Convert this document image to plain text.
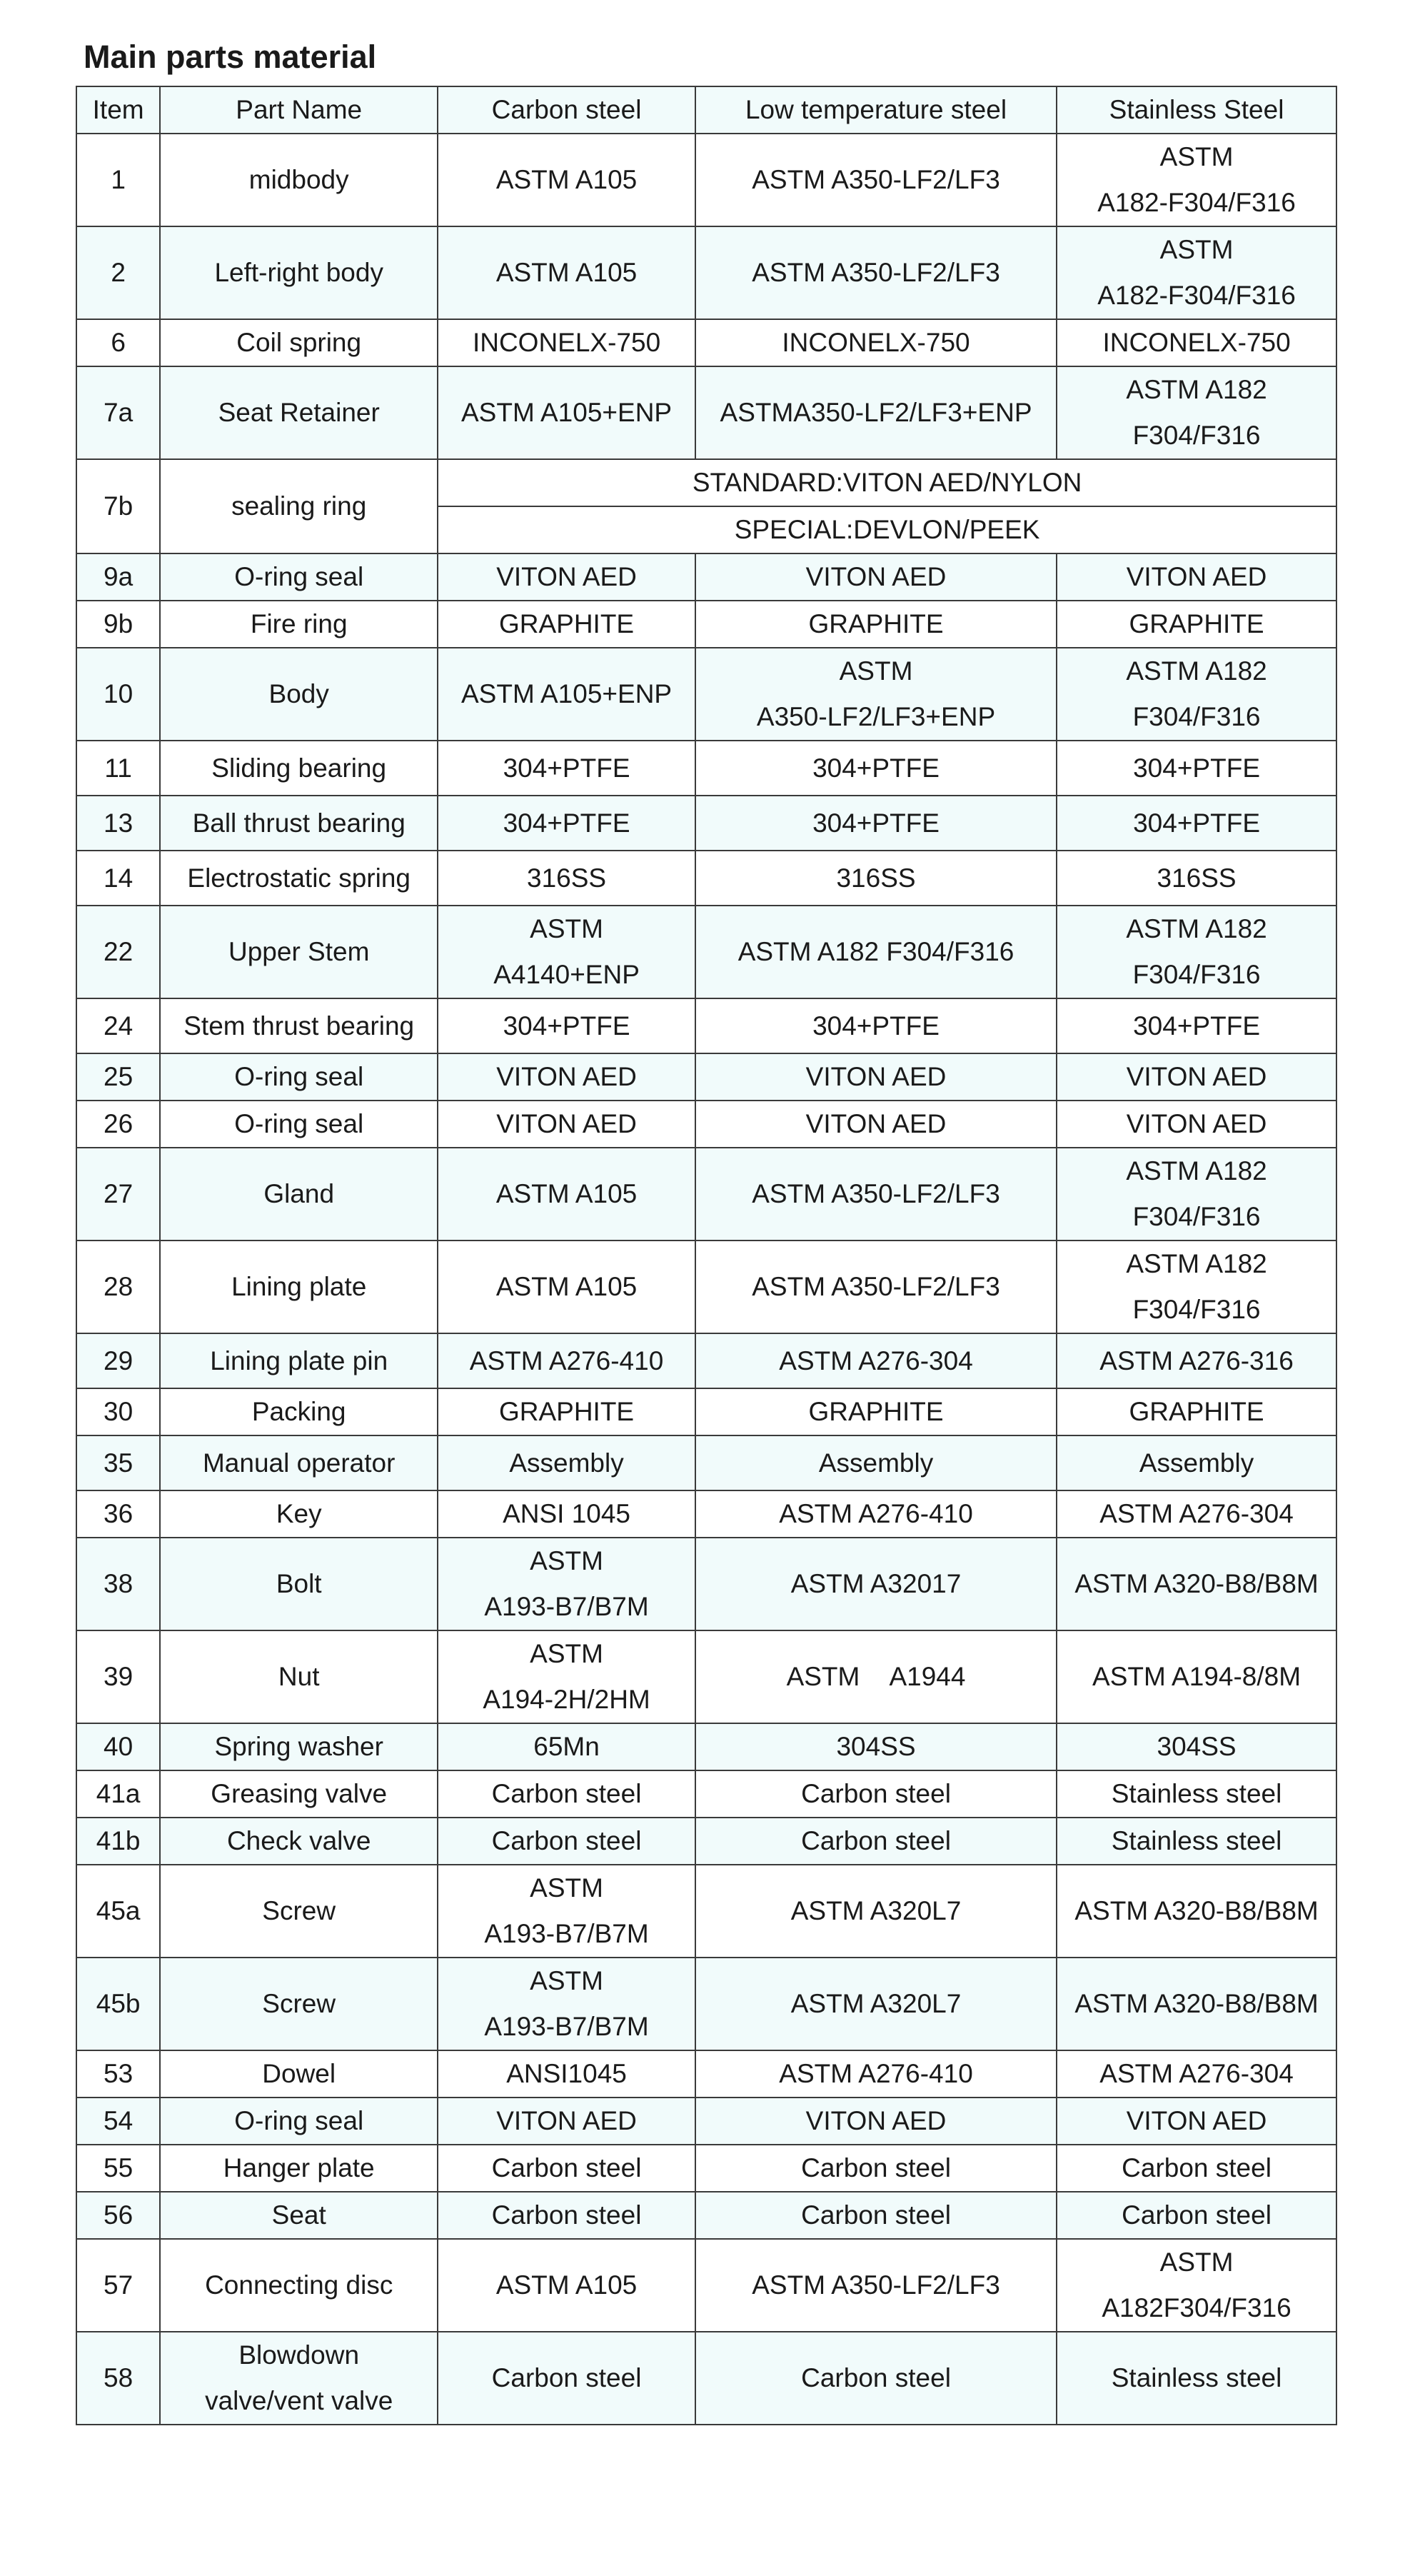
Main parts material
Item	Part Name	Carbon steel	Low temperature steel	Stainless Steel
1	midbody	ASTM A105	ASTM A350-LF2/LF3	ASTM
A182-F304/F316

2	Left-right body	ASTM A105	ASTM A350-LF2/LF3	ASTM
A182-F304/F316

6	Coil spring	INCONELX-750	INCONELX-750	INCONELX-750
7a	Seat Retainer	ASTM A105+ENP	ASTMA350-LF2/LF3+ENP	ASTM A182
F304/F316

7b	sealing ring	STANDARD:VITON AED/NYLON		
		SPECIAL:DEVLON/PEEK		
9a	O-ring seal	VITON AED	VITON AED	VITON AED
9b	Fire ring	GRAPHITE	GRAPHITE	GRAPHITE
10	Body	ASTM A105+ENP	ASTM
A350-LF2/LF3+ENP	ASTM A182
F304/F316

11	Sliding bearing	304+PTFE	304+PTFE	304+PTFE
13	Ball thrust bearing	304+PTFE	304+PTFE	304+PTFE
14	Electrostatic spring	316SS	316SS	316SS
22	Upper Stem	ASTM
A4140+ENP	ASTM A182 F304/F316	ASTM A182
F304/F316

24	Stem thrust bearing	304+PTFE	304+PTFE	304+PTFE
25	O-ring seal	VITON AED	VITON AED	VITON AED
26	O-ring seal	VITON AED	VITON AED	VITON AED
27	Gland	ASTM A105	ASTM A350-LF2/LF3	ASTM A182
F304/F316

28	Lining plate	ASTM A105	ASTM A350-LF2/LF3	ASTM A182
F304/F316

29	Lining plate pin	ASTM A276-410	ASTM A276-304	ASTM A276-316
30	Packing	GRAPHITE	GRAPHITE	GRAPHITE
35	Manual operator	Assembly	Assembly	Assembly
36	Key	ANSI 1045	ASTM A276-410	ASTM A276-304
38	Bolt	ASTM
A193-B7/B7M	ASTM A32017	ASTM A320-B8/B8M
39	Nut	ASTM
A194-2H/2HM	ASTM    A1944	ASTM A194-8/8M
40	Spring washer	65Mn	304SS	304SS
41a	Greasing valve	Carbon steel	Carbon steel	Stainless steel
41b	Check valve	Carbon steel	Carbon steel	Stainless steel
45a	Screw	ASTM
A193-B7/B7M	ASTM A320L7	ASTM A320-B8/B8M
45b	Screw	ASTM
A193-B7/B7M	ASTM A320L7	ASTM A320-B8/B8M
53	Dowel	ANSI1045	ASTM A276-410	ASTM A276-304
54	O-ring seal	VITON AED	VITON AED	VITON AED
55	Hanger plate	Carbon steel	Carbon steel	Carbon steel
56	Seat	Carbon steel	Carbon steel	Carbon steel
57	Connecting disc	ASTM A105	ASTM A350-LF2/LF3	ASTM
A182F304/F316

58	Blowdown
valve/vent valve	Carbon steel	Carbon steel	Stainless steel
